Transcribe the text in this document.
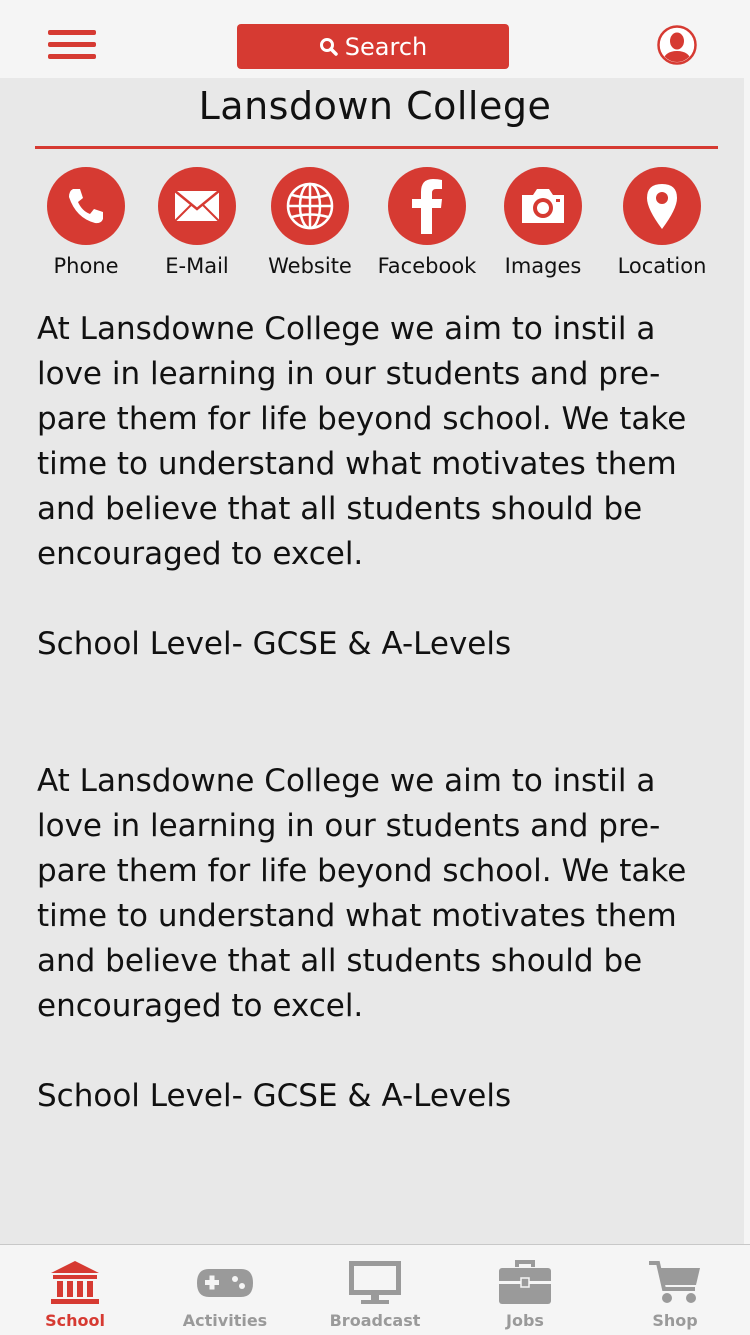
Search
Lansdown College
Phone	E-Mail	Website	Facebook	Images	Location

At Lansdowne College we aim to instil a
love in learning in our students and pre-
pare them for life beyond school. We take
time to understand what motivates them
and believe that all students should be
encouraged to excel.

School Level- GCSE & A-Levels

At Lansdowne College we aim to instil a
love in learning in our students and pre-
pare them for life beyond school. We take
time to understand what motivates them
and believe that all students should be
encouraged to excel.

School Level- GCSE & A-Levels

School	Activities	Broadcast	Jobs	Shop
